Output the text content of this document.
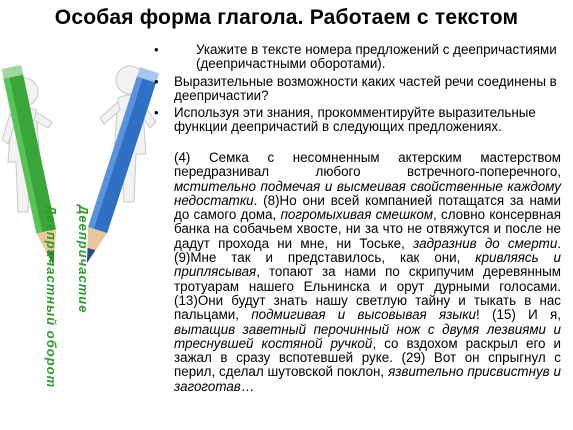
Особая форма глагола. Работаем с текстом
Деепричастный оборот Деепричастие
• Укажите в тексте номера предложений с деепричастиями (деепричастными оборотами).
• Выразительные возможности каких частей речи соединены в деепричастии?
• Используя эти знания, прокомментируйте выразительные функции деепричастий в следующих предложениях.
(4) Семка с несомненным актерским мастерством передразнивал любого встречного-поперечного, мстительно подмечая и высмеивая свойственные каждому недостатки. (8)Но они всей компанией потащатся за нами до самого дома, погромыхивая смешком, словно консервная банка на собачьем хвосте, ни за что не отвяжутся и после не дадут прохода ни мне, ни Тоське, задразнив до смерти. (9)Мне так и представилось, как они, кривляясь и приплясывая, топают за нами по скрипучим деревянным тротуарам нашего Ельнинска и орут дурными голосами. (13)Они будут знать нашу светлую тайну и тыкать в нас пальцами, подмигивая и высовывая языки! (15) И я, вытащив заветный перочинный нож с двумя лезвиями и треснувшей костяной ручкой, со вздохом раскрыл его и зажал в сразу вспотевшей руке. (29) Вот он спрыгнул с перил, сделал шутовской поклон, язвительно присвистнув и загоготав…
